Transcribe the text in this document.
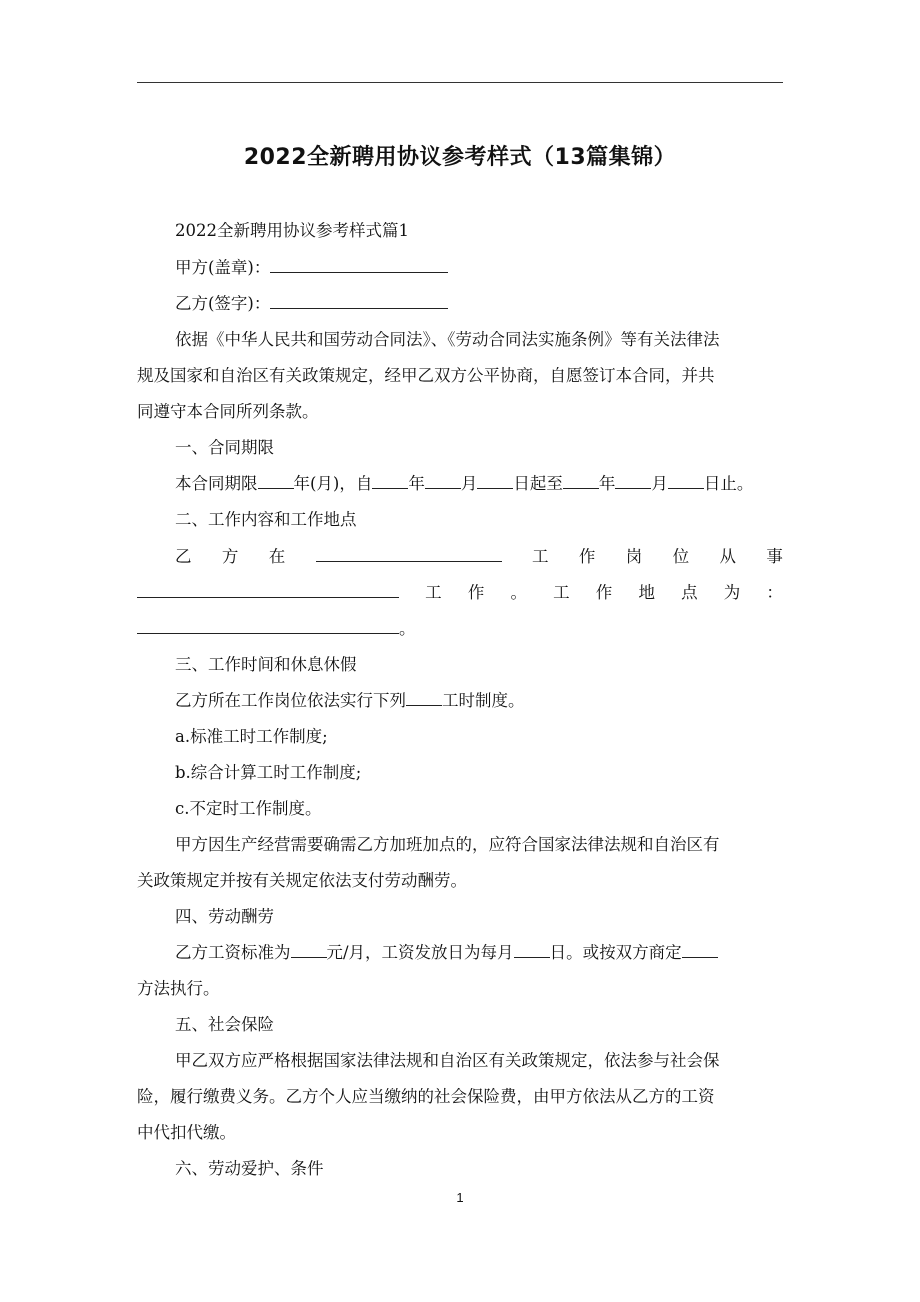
2022全新聘用协议参考样式（13篇集锦）
2022全新聘用协议参考样式篇1
甲方(盖章)：
乙方(签字)：
依据《中华人民共和国劳动合同法》、《劳动合同法实施条例》等有关法律法
规及国家和自治区有关政策规定，经甲乙双方公平协商，自愿签订本合同，并共
同遵守本合同所列条款。
一、合同期限
本合同期限 年(月)，自 年 月 日起至 年 月 日止。
二、工作内容和工作地点
乙 方 在	工 作 岗 位 从 事
工 作 。 工 作 地 点 为 ：
。
三、工作时间和休息休假
乙方所在工作岗位依法实行下列 工时制度。
a.标准工时工作制度;
b.综合计算工时工作制度;
c.不定时工作制度。
甲方因生产经营需要确需乙方加班加点的，应符合国家法律法规和自治区有
关政策规定并按有关规定依法支付劳动酬劳。
四、劳动酬劳
乙方工资标准为 元/月，工资发放日为每月 日。或按双方商定
方法执行。
五、社会保险
甲乙双方应严格根据国家法律法规和自治区有关政策规定，依法参与社会保
险，履行缴费义务。乙方个人应当缴纳的社会保险费，由甲方依法从乙方的工资
中代扣代缴。
六、劳动爱护、条件
1
